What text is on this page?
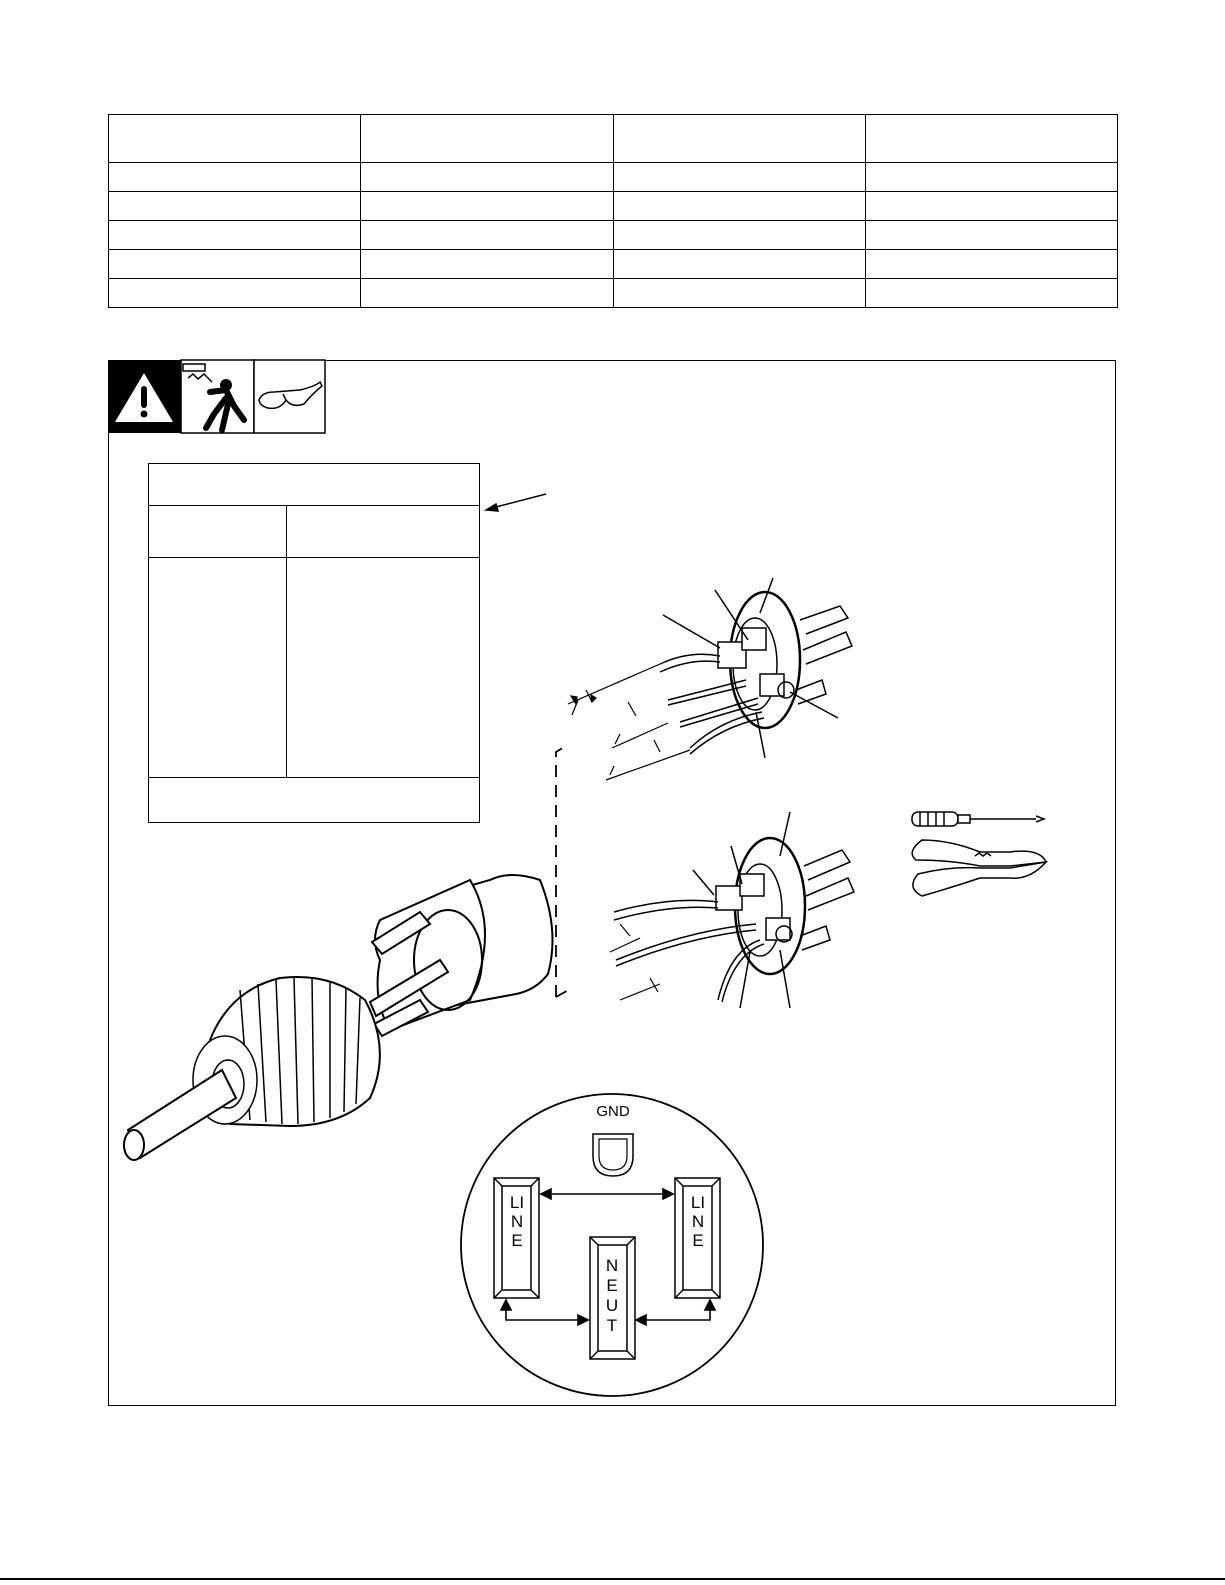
GND
LINE
LINE
NEUT
